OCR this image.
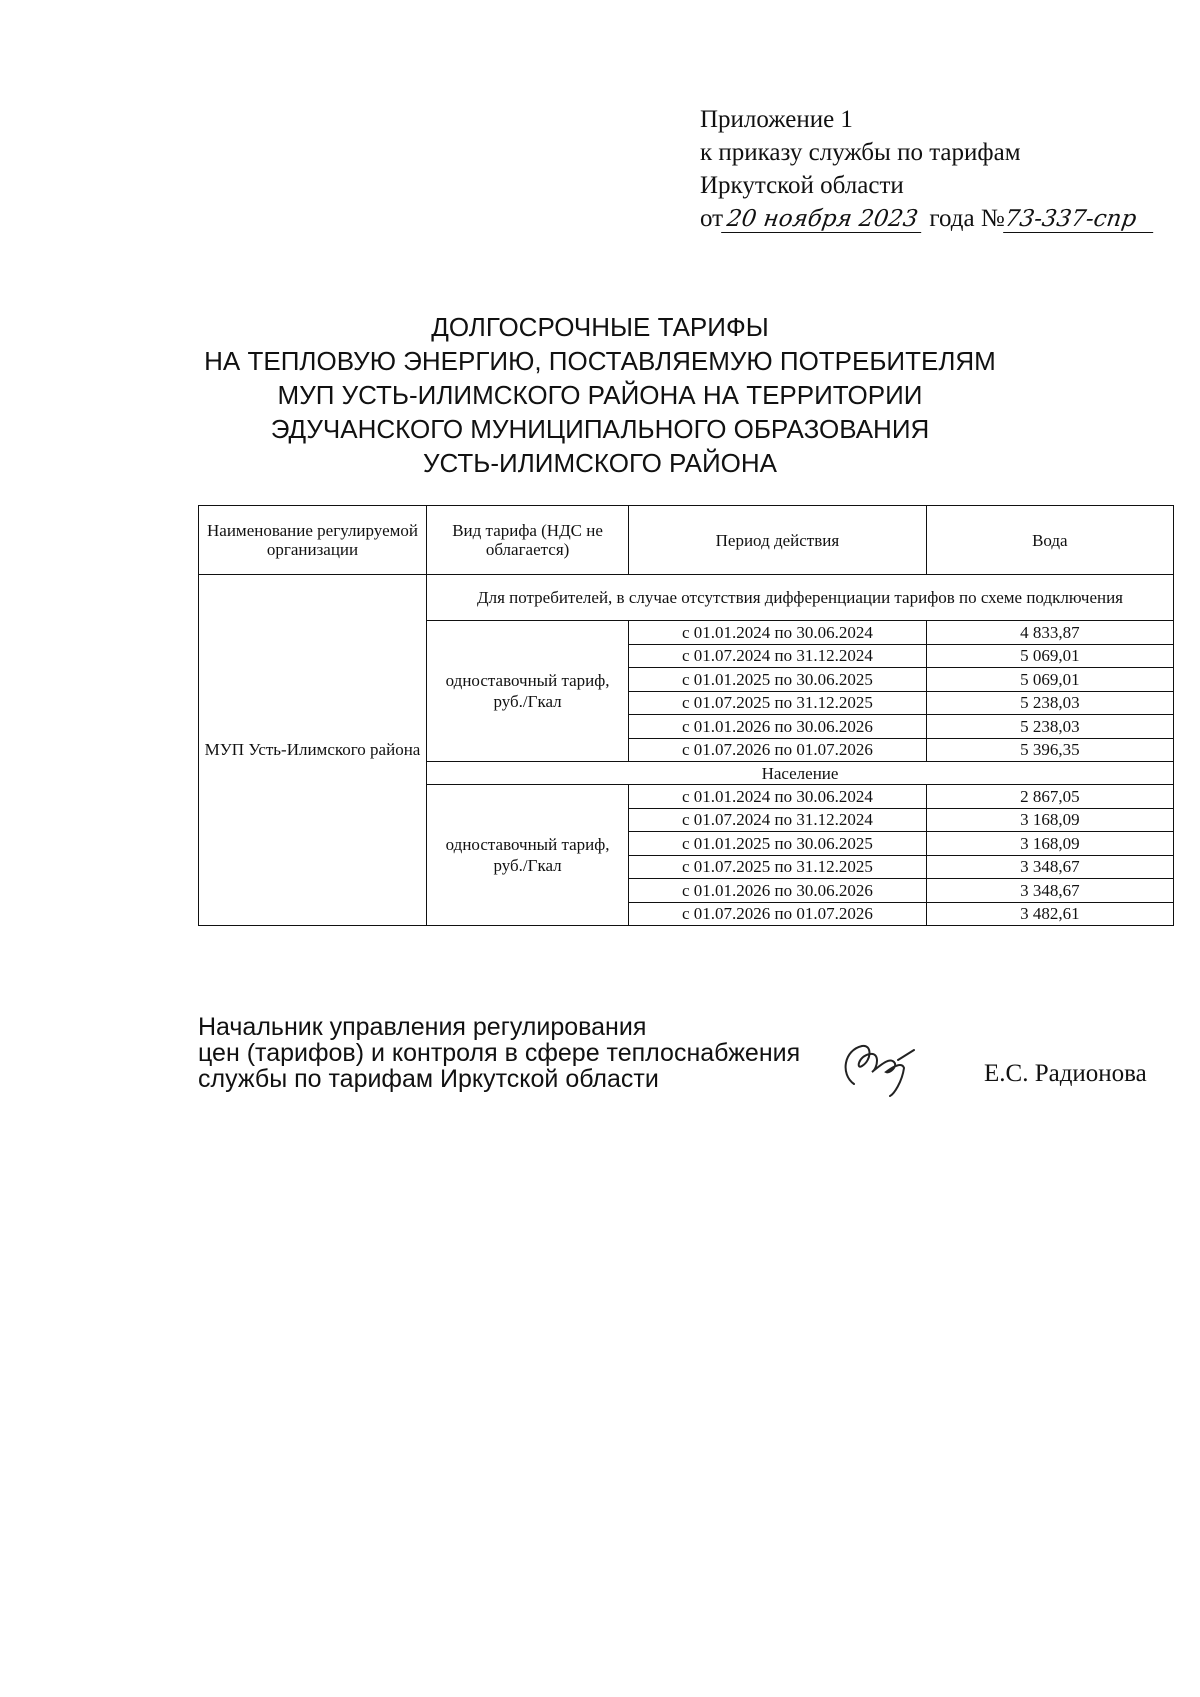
Приложение 1
к приказу службы по тарифам
Иркутской области
от20 ноября 2023 года №73-337-спр
ДОЛГОСРОЧНЫЕ ТАРИФЫ
НА ТЕПЛОВУЮ ЭНЕРГИЮ, ПОСТАВЛЯЕМУЮ ПОТРЕБИТЕЛЯМ
МУП УСТЬ-ИЛИМСКОГО РАЙОНА НА ТЕРРИТОРИИ
ЭДУЧАНСКОГО МУНИЦИПАЛЬНОГО ОБРАЗОВАНИЯ
УСТЬ-ИЛИМСКОГО РАЙОНА
Наименование регулируемой организации	Вид тарифа (НДС не облагается)	Период действия	Вода
МУП Усть-Илимского района	Для потребителей, в случае отсутствия дифференциации тарифов по схеме подключения		
	одноставочный тариф, руб./Гкал	с 01.01.2024 по 30.06.2024	4 833,87
		с 01.07.2024 по 31.12.2024	5 069,01
		с 01.01.2025 по 30.06.2025	5 069,01
		с 01.07.2025 по 31.12.2025	5 238,03
		с 01.01.2026 по 30.06.2026	5 238,03
		с 01.07.2026 по 01.07.2026	5 396,35
	Население		
	одноставочный тариф, руб./Гкал	с 01.01.2024 по 30.06.2024	2 867,05
		с 01.07.2024 по 31.12.2024	3 168,09
		с 01.01.2025 по 30.06.2025	3 168,09
		с 01.07.2025 по 31.12.2025	3 348,67
		с 01.01.2026 по 30.06.2026	3 348,67
		с 01.07.2026 по 01.07.2026	3 482,61
Начальник управления регулирования
цен (тарифов) и контроля в сфере теплоснабжения
службы по тарифам Иркутской области	Е.С. Радионова
